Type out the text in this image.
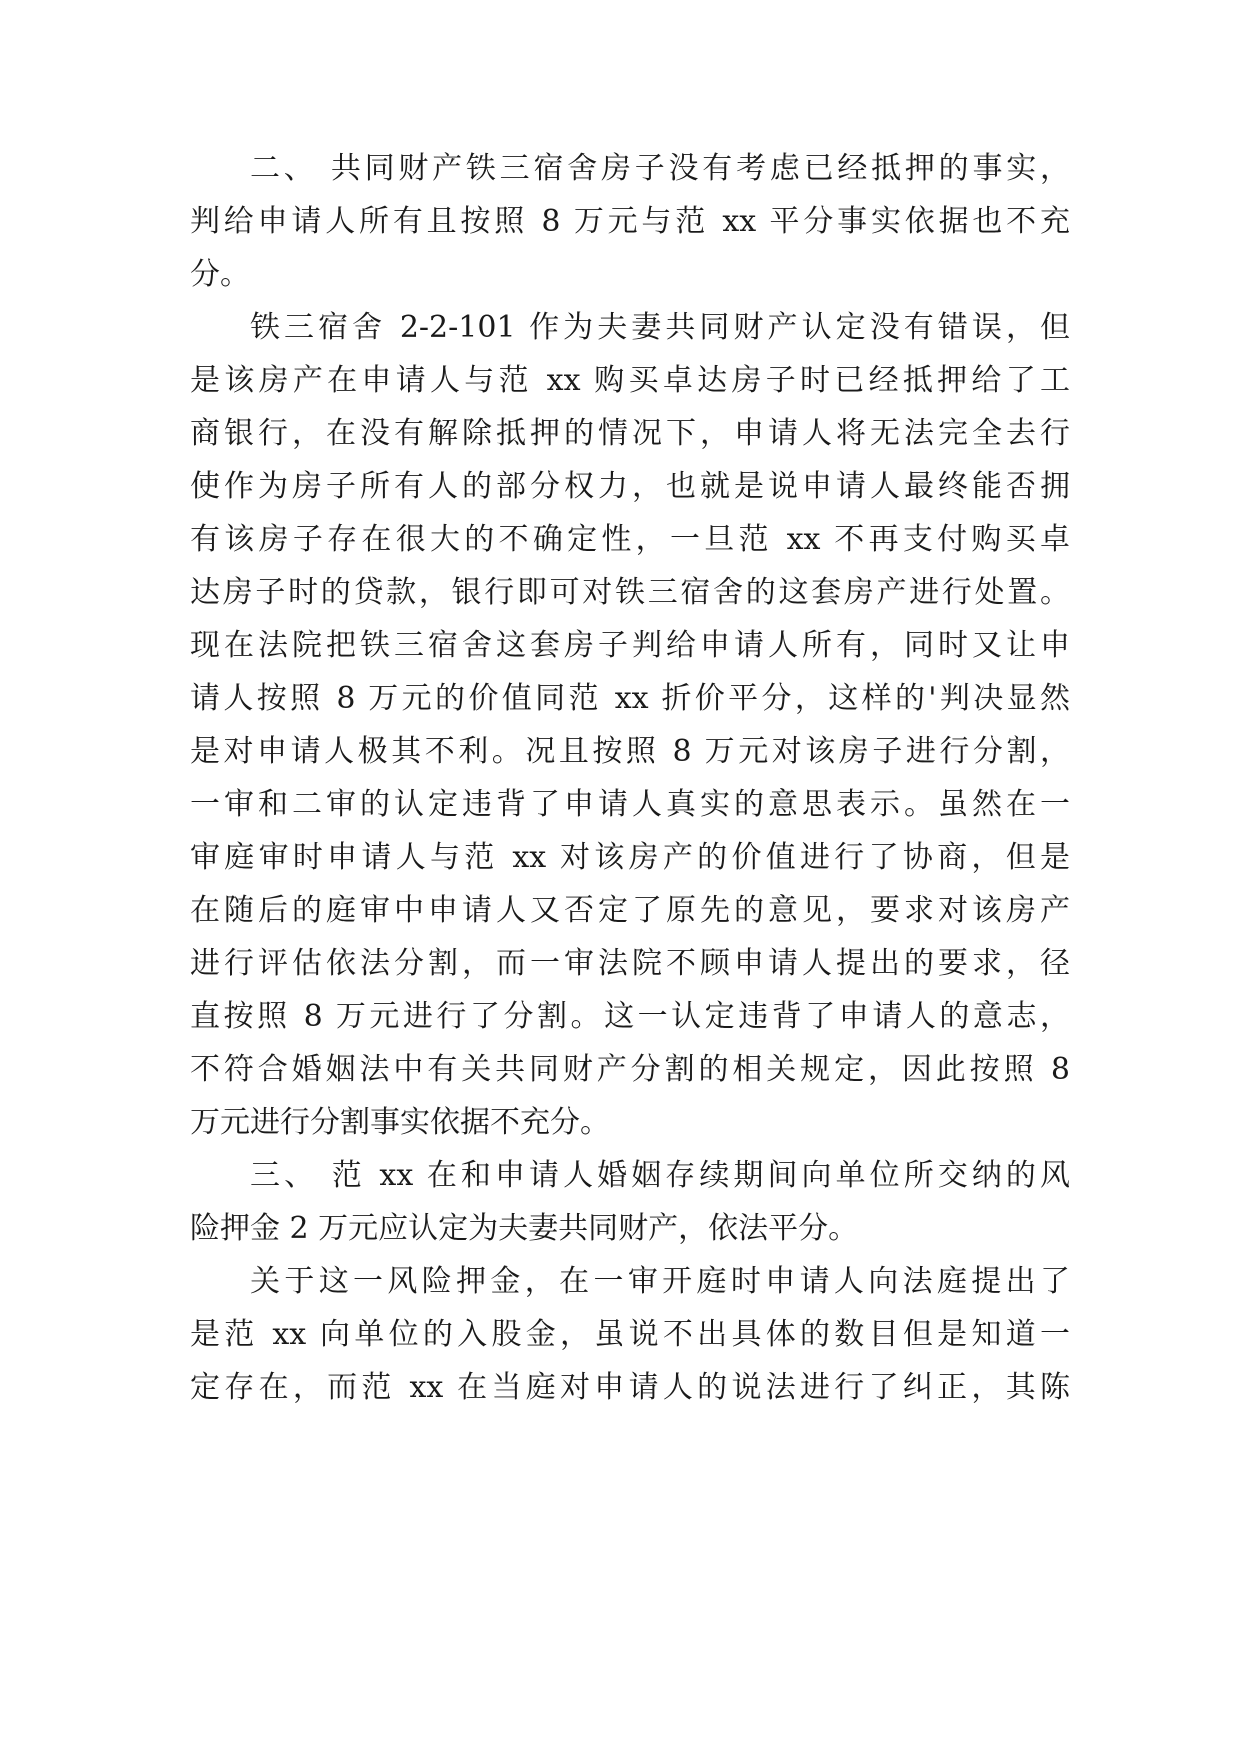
二、 共同财产铁三宿舍房子没有考虑已经抵押的事实，
判给申请人所有且按照 8 万元与范 xx 平分事实依据也不充
分。
铁三宿舍 2-2-101 作为夫妻共同财产认定没有错误，但
是该房产在申请人与范 xx 购买卓达房子时已经抵押给了工
商银行，在没有解除抵押的情况下，申请人将无法完全去行
使作为房子所有人的部分权力，也就是说申请人最终能否拥
有该房子存在很大的不确定性，一旦范 xx 不再支付购买卓
达房子时的贷款，银行即可对铁三宿舍的这套房产进行处置。
现在法院把铁三宿舍这套房子判给申请人所有，同时又让申
请人按照 8 万元的价值同范 xx 折价平分，这样的'判决显然
是对申请人极其不利。况且按照 8 万元对该房子进行分割，
一审和二审的认定违背了申请人真实的意思表示。虽然在一
审庭审时申请人与范 xx 对该房产的价值进行了协商，但是
在随后的庭审中申请人又否定了原先的意见，要求对该房产
进行评估依法分割，而一审法院不顾申请人提出的要求，径
直按照 8 万元进行了分割。这一认定违背了申请人的意志，
不符合婚姻法中有关共同财产分割的相关规定，因此按照 8
万元进行分割事实依据不充分。
三、 范 xx 在和申请人婚姻存续期间向单位所交纳的风
险押金 2 万元应认定为夫妻共同财产，依法平分。
关于这一风险押金，在一审开庭时申请人向法庭提出了
是范 xx 向单位的入股金，虽说不出具体的数目但是知道一
定存在，而范 xx 在当庭对申请人的说法进行了纠正，其陈
